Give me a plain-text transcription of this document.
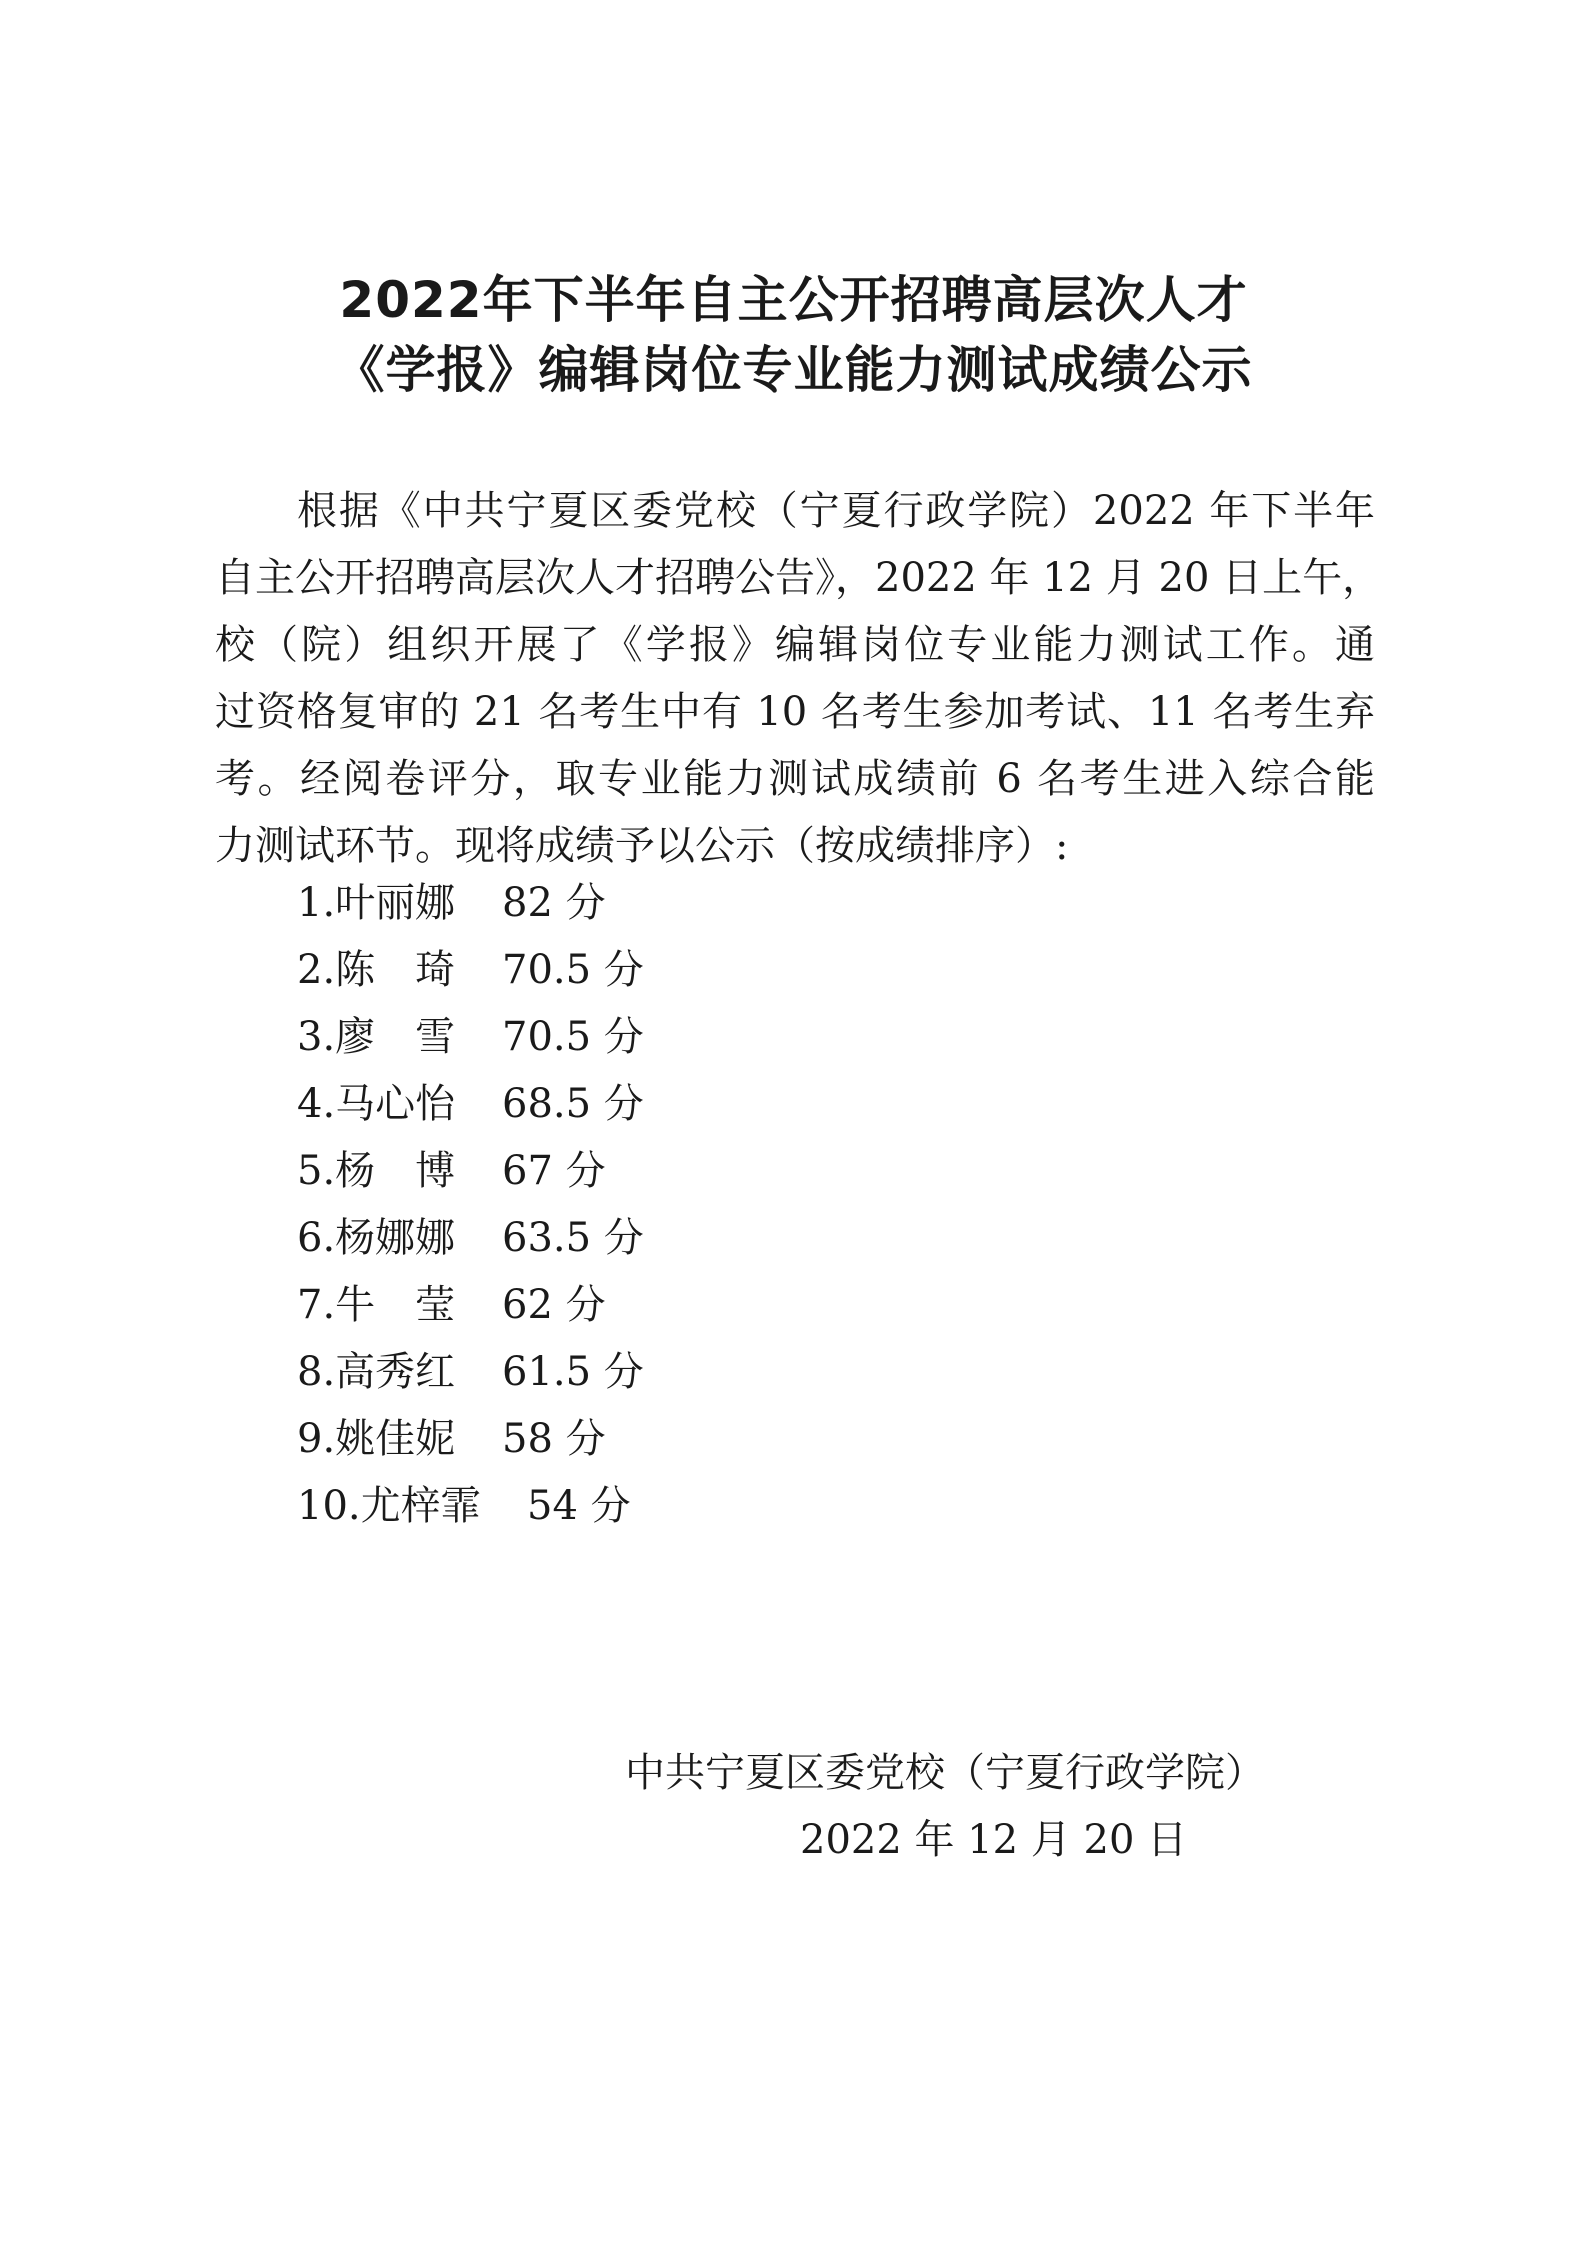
2022年下半年自主公开招聘高层次人才
《学报》编辑岗位专业能力测试成绩公示
根据《中共宁夏区委党校（宁夏行政学院）2022 年下半年
自主公开招聘高层次人才招聘公告》，2022 年 12 月 20 日上午，
校（院）组织开展了《学报》编辑岗位专业能力测试工作。通
过资格复审的 21 名考生中有 10 名考生参加考试、11 名考生弃
考。经阅卷评分，取专业能力测试成绩前 6 名考生进入综合能
力测试环节。现将成绩予以公示（按成绩排序）:
1.叶丽娜 82 分
2.陈　琦 70.5 分
3.廖　雪 70.5 分
4.马心怡 68.5 分
5.杨　博 67 分
6.杨娜娜 63.5 分
7.牛　莹 62 分
8.高秀红 61.5 分
9.姚佳妮 58 分
10.尤梓霏 54 分
中共宁夏区委党校（宁夏行政学院）
2022 年 12 月 20 日
